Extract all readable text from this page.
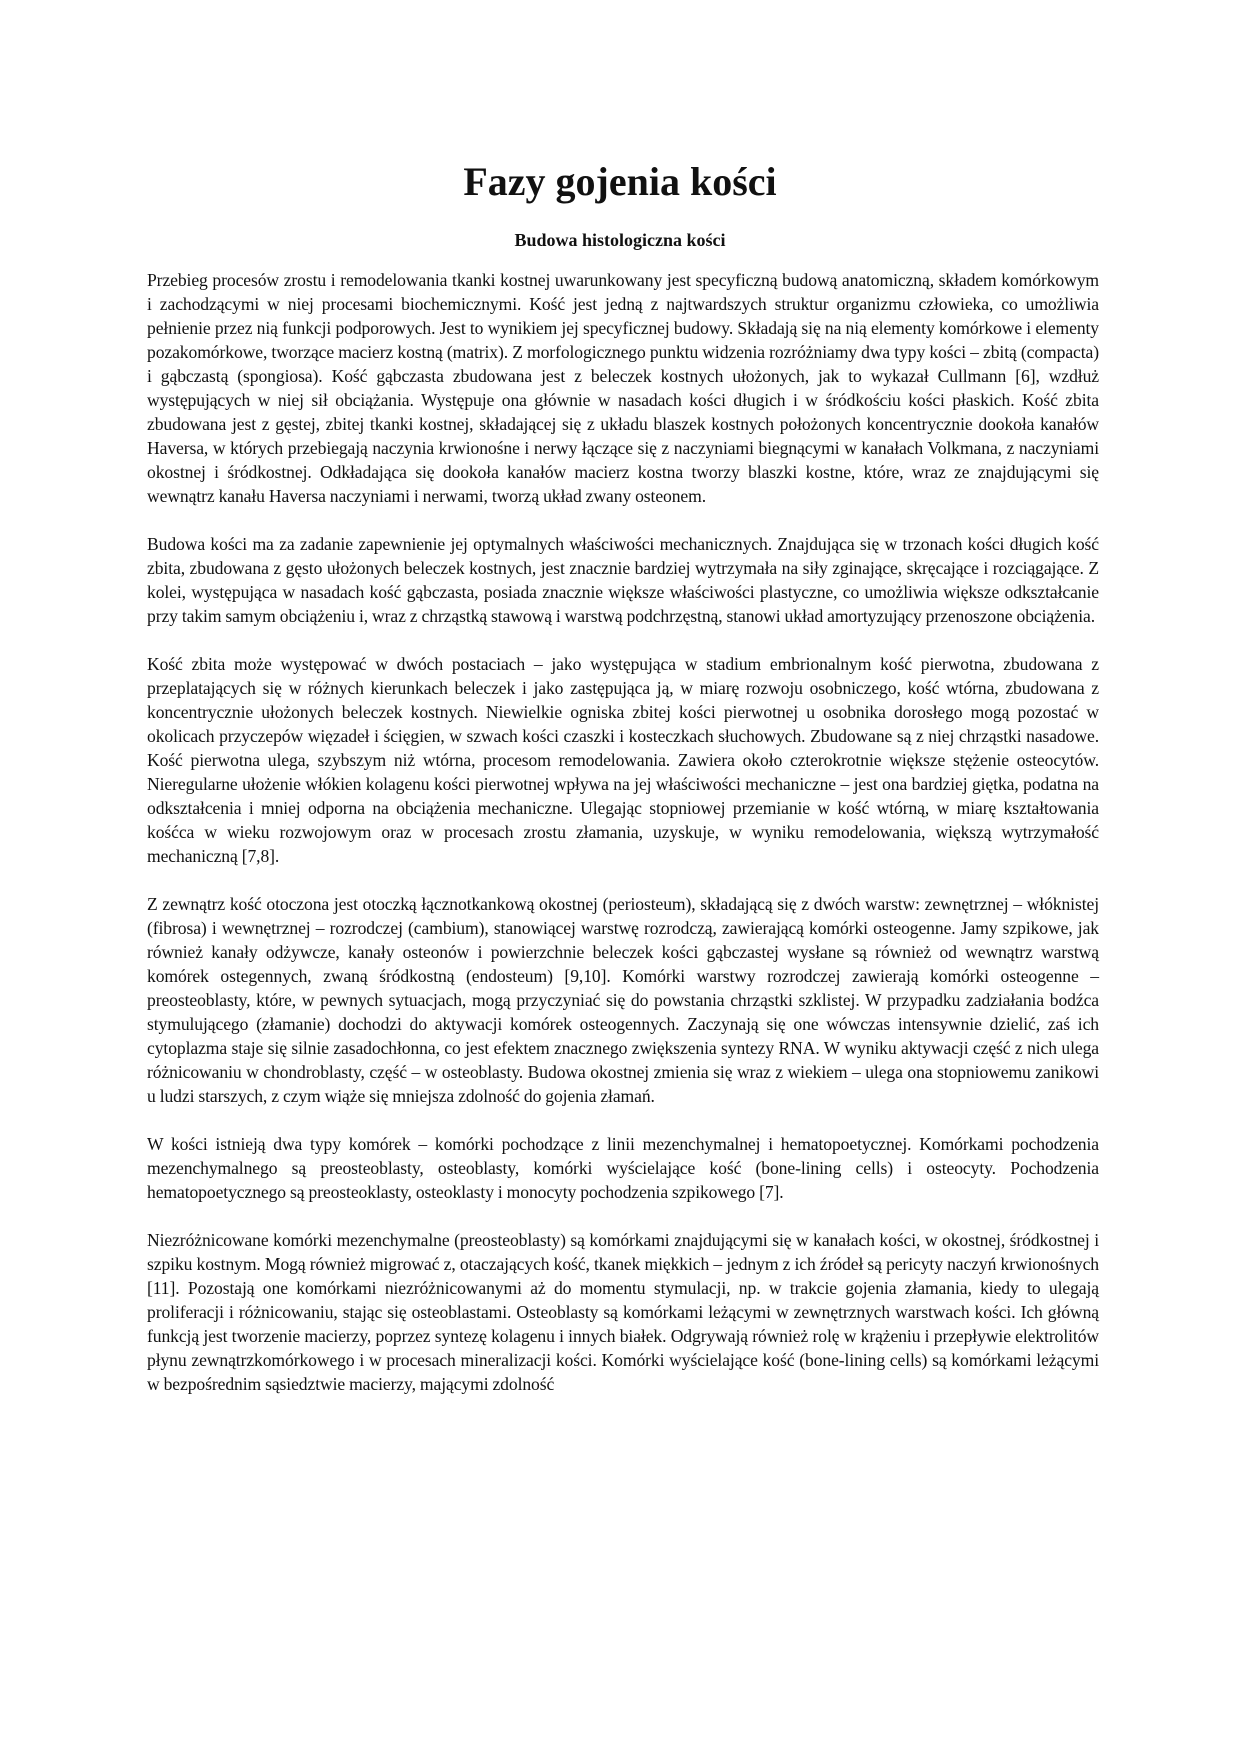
Fazy gojenia kości
Budowa histologiczna kości

Przebieg procesów zrostu i remodelowania tkanki kostnej uwarunkowany jest specyficzną budową anatomiczną, składem komórkowym i zachodzącymi w niej procesami biochemicznymi. Kość jest jedną z najtwardszych struktur organizmu człowieka, co umożliwia pełnienie przez nią funkcji podporowych. Jest to wynikiem jej specyficznej budowy. Składają się na nią elementy komórkowe i elementy pozakomórkowe, tworzące macierz kostną (matrix). Z morfologicznego punktu widzenia rozróżniamy dwa typy kości – zbitą (compacta) i gąbczastą (spongiosa). Kość gąbczasta zbudowana jest z beleczek kostnych ułożonych, jak to wykazał Cullmann [6], wzdłuż występujących w niej sił obciążania. Występuje ona głównie w nasadach kości długich i w śródkościu kości płaskich. Kość zbita zbudowana jest z gęstej, zbitej tkanki kostnej, składającej się z układu blaszek kostnych położonych koncentrycznie dookoła kanałów Haversa, w których przebiegają naczynia krwionośne i nerwy łączące się z naczyniami biegnącymi w kanałach Volkmana, z naczyniami okostnej i śródkostnej. Odkładająca się dookoła kanałów macierz kostna tworzy blaszki kostne, które, wraz ze znajdującymi się wewnątrz kanału Haversa naczyniami i nerwami, tworzą układ zwany osteonem.

Budowa kości ma za zadanie zapewnienie jej optymalnych właściwości mechanicznych. Znajdująca się w trzonach kości długich kość zbita, zbudowana z gęsto ułożonych beleczek kostnych, jest znacznie bardziej wytrzymała na siły zginające, skręcające i rozciągające. Z kolei, występująca w nasadach kość gąbczasta, posiada znacznie większe właściwości plastyczne, co umożliwia większe odkształcanie przy takim samym obciążeniu i, wraz z chrząstką stawową i warstwą podchrzęstną, stanowi układ amortyzujący przenoszone obciążenia.

Kość zbita może występować w dwóch postaciach – jako występująca w stadium embrionalnym kość pierwotna, zbudowana z przeplatających się w różnych kierunkach beleczek i jako zastępująca ją, w miarę rozwoju osobniczego, kość wtórna, zbudowana z koncentrycznie ułożonych beleczek kostnych. Niewielkie ogniska zbitej kości pierwotnej u osobnika dorosłego mogą pozostać w okolicach przyczepów więzadeł i ścięgien, w szwach kości czaszki i kosteczkach słuchowych. Zbudowane są z niej chrząstki nasadowe. Kość pierwotna ulega, szybszym niż wtórna, procesom remodelowania. Zawiera około czterokrotnie większe stężenie osteocytów. Nieregularne ułożenie włókien kolagenu kości pierwotnej wpływa na jej właściwości mechaniczne – jest ona bardziej giętka, podatna na odkształcenia i mniej odporna na obciążenia mechaniczne. Ulegając stopniowej przemianie w kość wtórną, w miarę kształtowania kośćca w wieku rozwojowym oraz w procesach zrostu złamania, uzyskuje, w wyniku remodelowania, większą wytrzymałość mechaniczną [7,8].

Z zewnątrz kość otoczona jest otoczką łącznotkankową okostnej (periosteum), składającą się z dwóch warstw: zewnętrznej – włóknistej (fibrosa) i wewnętrznej – rozrodczej (cambium), stanowiącej warstwę rozrodczą, zawierającą komórki osteogenne. Jamy szpikowe, jak również kanały odżywcze, kanały osteonów i powierzchnie beleczek kości gąbczastej wysłane są również od wewnątrz warstwą komórek ostegennych, zwaną śródkostną (endosteum) [9,10]. Komórki warstwy rozrodczej zawierają komórki osteogenne – preosteoblasty, które, w pewnych sytuacjach, mogą przyczyniać się do powstania chrząstki szklistej. W przypadku zadziałania bodźca stymulującego (złamanie) dochodzi do aktywacji komórek osteogennych. Zaczynają się one wówczas intensywnie dzielić, zaś ich cytoplazma staje się silnie zasadochłonna, co jest efektem znacznego zwiększenia syntezy RNA. W wyniku aktywacji część z nich ulega różnicowaniu w chondroblasty, część – w osteoblasty. Budowa okostnej zmienia się wraz z wiekiem – ulega ona stopniowemu zanikowi u ludzi starszych, z czym wiąże się mniejsza zdolność do gojenia złamań.

W kości istnieją dwa typy komórek – komórki pochodzące z linii mezenchymalnej i hematopoetycznej. Komórkami pochodzenia mezenchymalnego są preosteoblasty, osteoblasty, komórki wyścielające kość (bone-lining cells) i osteocyty. Pochodzenia hematopoetycznego są preosteoklasty, osteoklasty i monocyty pochodzenia szpikowego [7].

Niezróżnicowane komórki mezenchymalne (preosteoblasty) są komórkami znajdującymi się w kanałach kości, w okostnej, śródkostnej i szpiku kostnym. Mogą również migrować z, otaczających kość, tkanek miękkich – jednym z ich źródeł są pericyty naczyń krwionośnych [11]. Pozostają one komórkami niezróżnicowanymi aż do momentu stymulacji, np. w trakcie gojenia złamania, kiedy to ulegają proliferacji i różnicowaniu, stając się osteoblastami. Osteoblasty są komórkami leżącymi w zewnętrznych warstwach kości. Ich główną funkcją jest tworzenie macierzy, poprzez syntezę kolagenu i innych białek. Odgrywają również rolę w krążeniu i przepływie elektrolitów płynu zewnątrzkomórkowego i w procesach mineralizacji kości. Komórki wyścielające kość (bone-lining cells) są komórkami leżącymi w bezpośrednim sąsiedztwie macierzy, mającymi zdolność
